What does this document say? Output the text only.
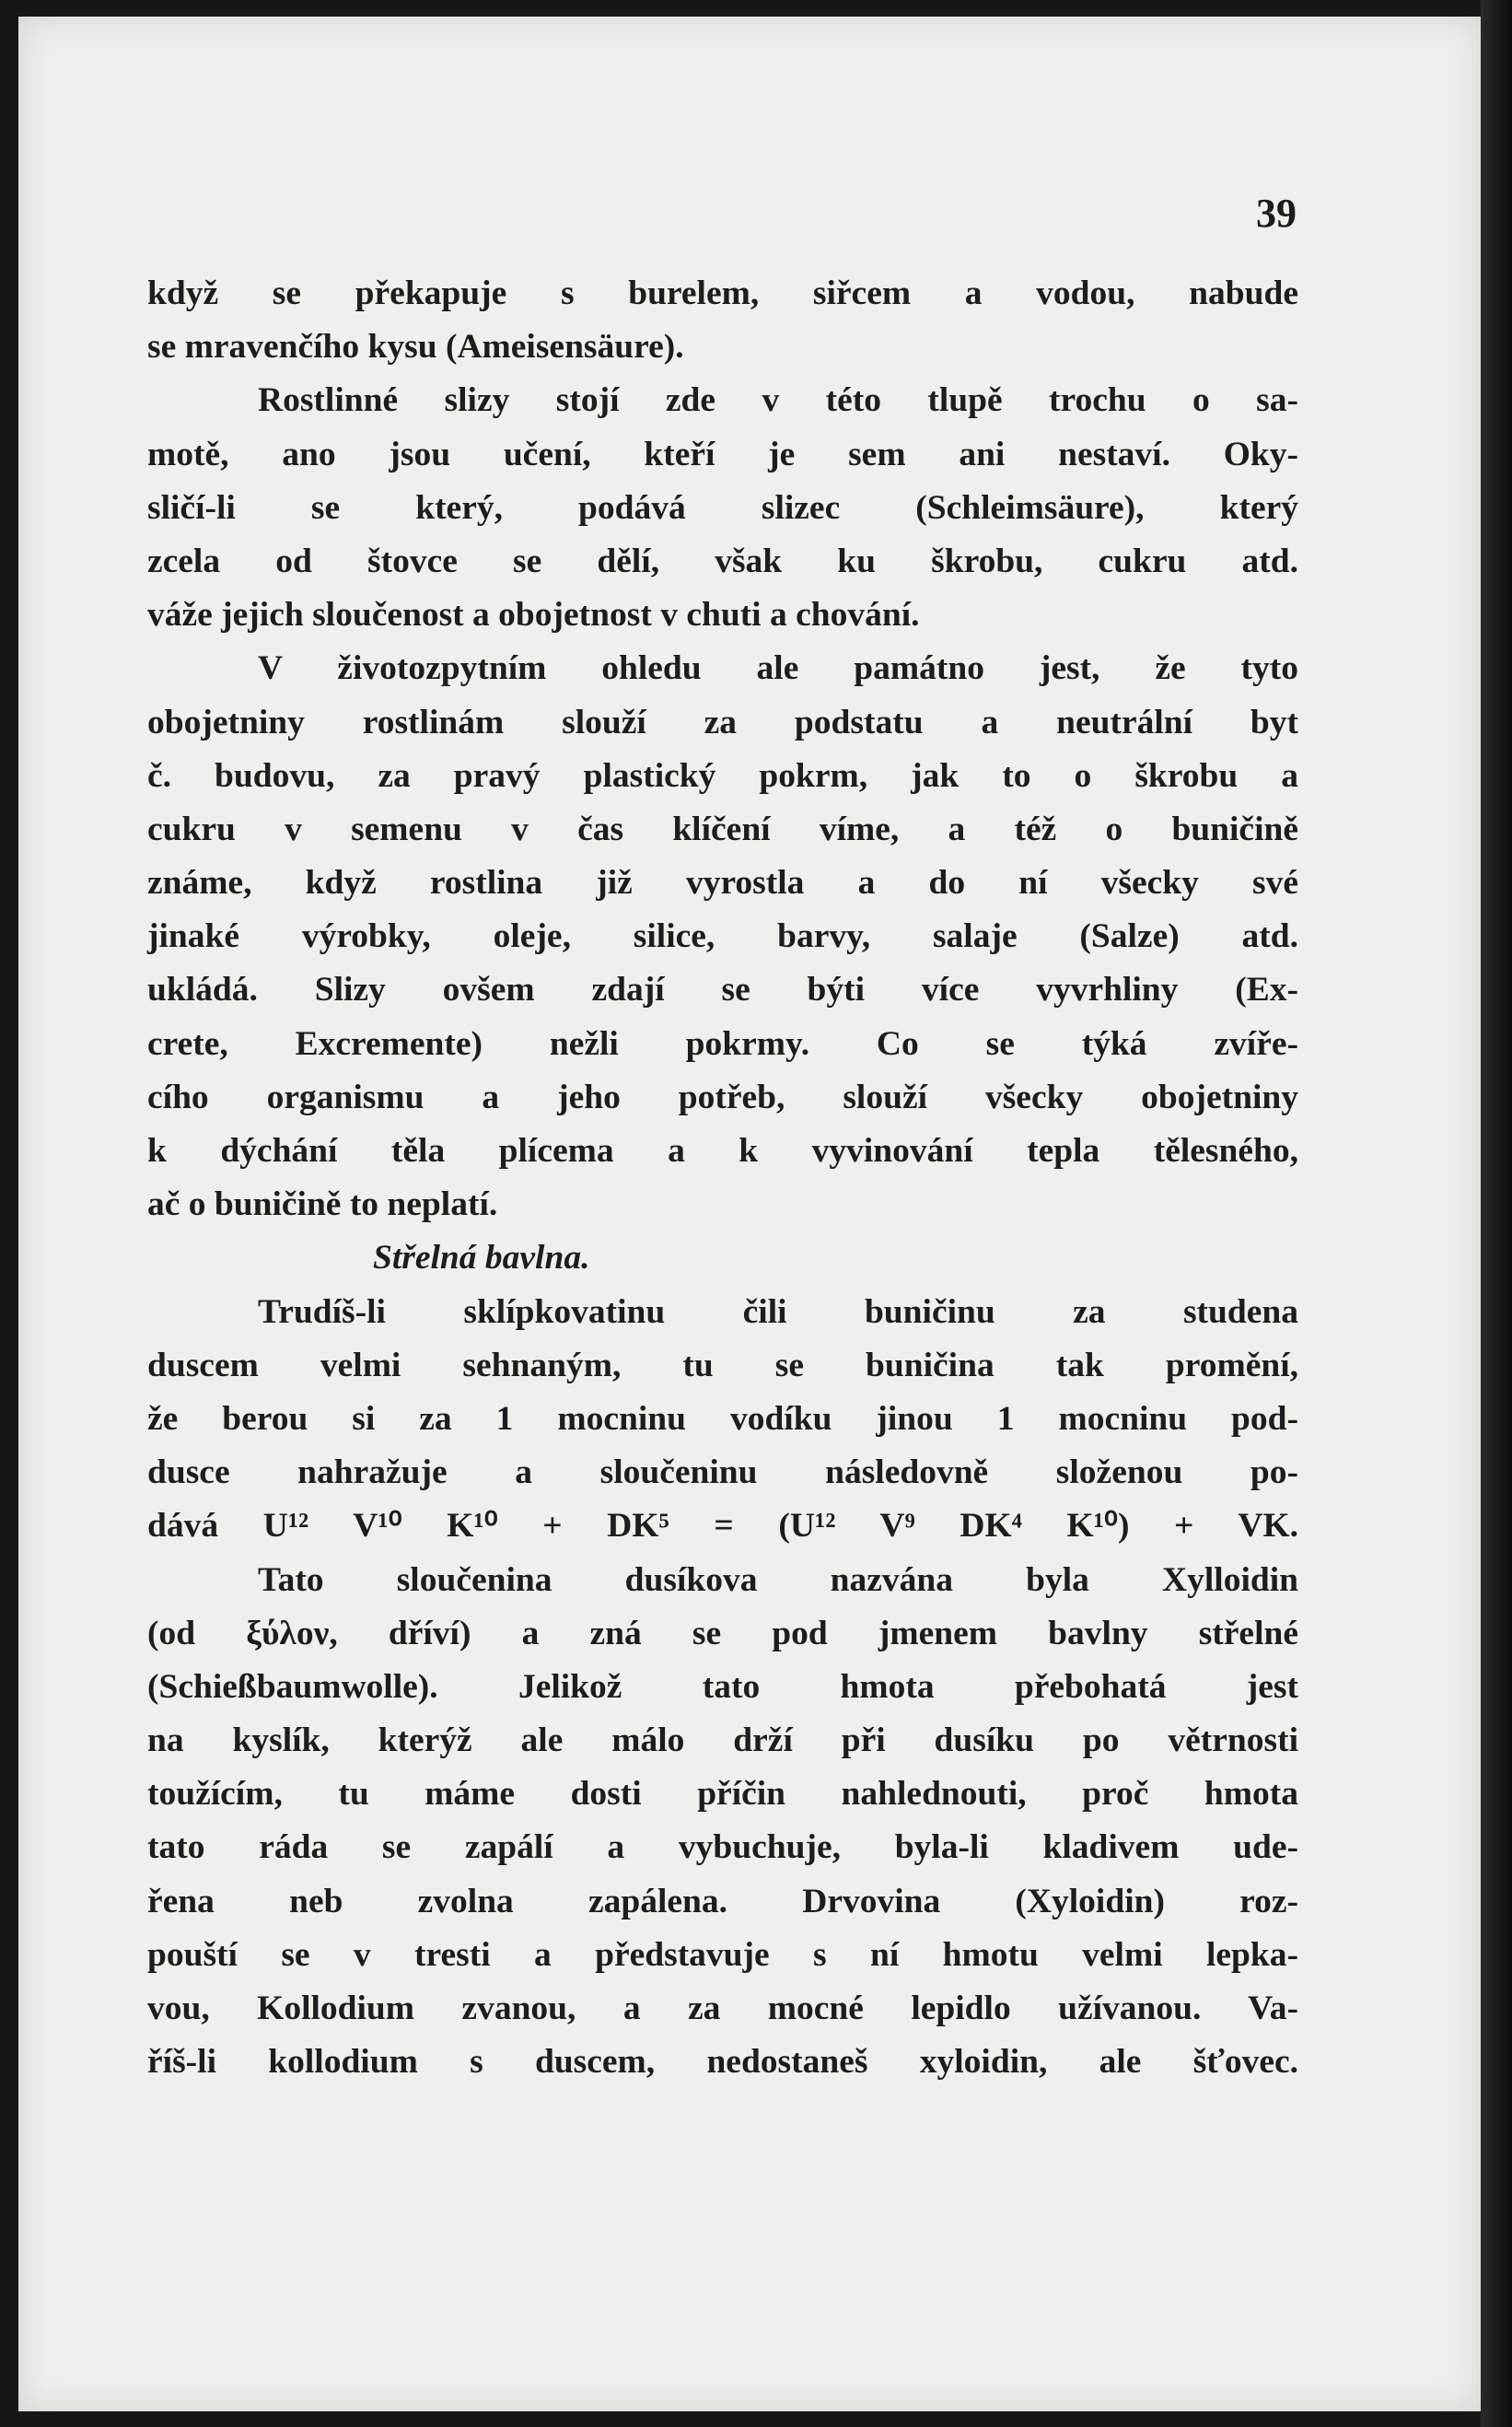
39
když se překapuje s burelem, siřcem a vodou, nabude
se mravenčího kysu (Ameisensäure).
Rostlinné slizy stojí zde v této tlupě trochu o sa-
motě, ano jsou učení, kteří je sem ani nestaví. Oky-
sličí-li se který, podává slizec (Schleimsäure), který
zcela od štovce se dělí, však ku škrobu, cukru atd.
váže jejich sloučenost a obojetnost v chuti a chování.
V životozpytním ohledu ale památno jest, že tyto
obojetniny rostlinám slouží za podstatu a neutrální byt
č. budovu, za pravý plastický pokrm, jak to o škrobu a
cukru v semenu v čas klíčení víme, a též o buničině
známe, když rostlina již vyrostla a do ní všecky své
jinaké výrobky, oleje, silice, barvy, salaje (Salze) atd.
ukládá. Slizy ovšem zdají se býti více vyvrhliny (Ex-
crete, Excremente) nežli pokrmy. Co se týká zvíře-
cího organismu a jeho potřeb, slouží všecky obojetniny
k dýchání těla plícema a k vyvinování tepla tělesného,
ač o buničině to neplatí.
Střelná bavlna.
Trudíš-li sklípkovatinu čili buničinu za studena
duscem velmi sehnaným, tu se buničina tak promění,
že berou si za 1 mocninu vodíku jinou 1 mocninu pod-
dusce nahražuje a sloučeninu následovně složenou po-
dává U¹² V¹⁰ K¹⁰ + DK⁵ = (U¹² V⁹ DK⁴ K¹⁰) + VK.
Tato sloučenina dusíkova nazvána byla Xylloidin
(od ξύλον, dříví) a zná se pod jmenem bavlny střelné
(Schießbaumwolle). Jelikož tato hmota přebohatá jest
na kyslík, kterýž ale málo drží při dusíku po větrnosti
toužícím, tu máme dosti příčin nahlednouti, proč hmota
tato ráda se zapálí a vybuchuje, byla-li kladivem ude-
řena neb zvolna zapálena. Drvovina (Xyloidin) roz-
pouští se v tresti a představuje s ní hmotu velmi lepka-
vou, Kollodium zvanou, a za mocné lepidlo užívanou. Va-
říš-li kollodium s duscem, nedostaneš xyloidin, ale šťovec.
